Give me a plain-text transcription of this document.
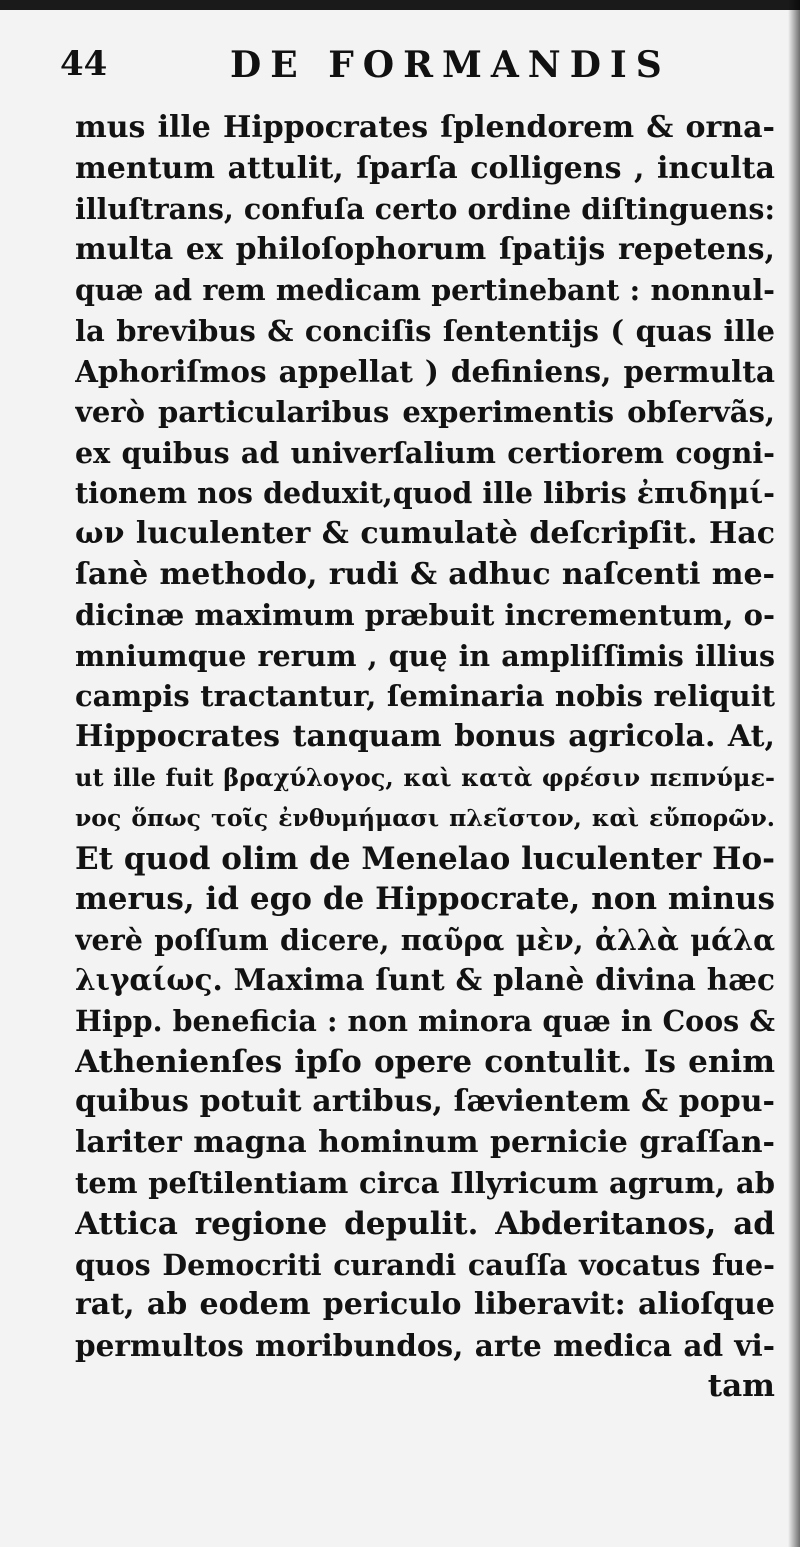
44	DE FORMANDIS
mus ille Hippocrates ſplendorem & orna-
mentum attulit, ſparſa colligens , inculta
illuſtrans, confuſa certo ordine diſtinguens:
multa ex philoſophorum ſpatijs repetens,
quæ ad rem medicam pertinebant : nonnul-
la brevibus & conciſis ſententijs ( quas ille
Aphoriſmos appellat ) definiens, permulta
verò particularibus experimentis obſervãs,
ex quibus ad univerſalium certiorem cogni-
tionem nos deduxit,quod ille libris ἐπιδημί-
ων luculenter & cumulatè deſcripſit. Hac
ſanè methodo, rudi & adhuc naſcenti me-
dicinæ maximum præbuit incrementum, o-
mniumque rerum , quę in ampliſſimis illius
campis tractantur, ſeminaria nobis reliquit
Hippocrates tanquam bonus agricola. At,
ut ille fuit βραχύλογος, καὶ κατὰ φρέσιν πεπνύμε-
νος ὅπως τοῖς ἐνθυμήμασι πλεῖστον, καὶ εὔπορῶν.
Et quod olim de Menelao luculenter Ho-
merus, id ego de Hippocrate, non minus
verè poſſum dicere, παῦρα μὲν, ἀλλὰ μάλα
λιγαίως. Maxima ſunt & planè divina hæc
Hipp. beneficia : non minora quæ in Coos &
Athenienſes ipſo opere contulit. Is enim
quibus potuit artibus, ſævientem & popu-
lariter magna hominum pernicie graſſan-
tem peſtilentiam circa Illyricum agrum, ab
Attica regione depulit. Abderitanos, ad
quos Democriti curandi cauſſa vocatus fue-
rat, ab eodem periculo liberavit: alioſque
permultos moribundos, arte medica ad vi-
tam
